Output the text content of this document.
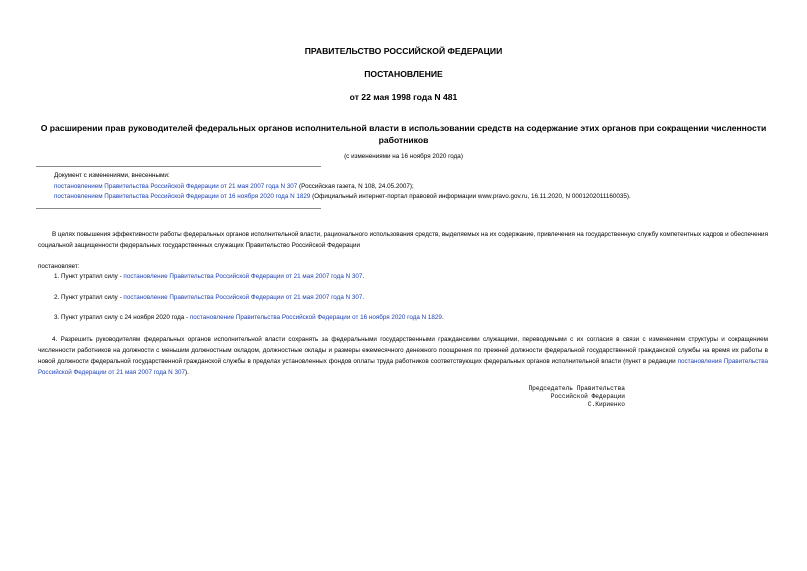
ПРАВИТЕЛЬСТВО РОССИЙСКОЙ ФЕДЕРАЦИИ
ПОСТАНОВЛЕНИЕ
от 22 мая 1998 года N 481
О расширении прав руководителей федеральных органов исполнительной власти в использовании средств на содержание этих органов при сокращении численности работников
(с изменениями на 16 ноября 2020 года)
Документ с изменениями, внесенными:
постановлением Правительства Российской Федерации от 21 мая 2007 года N 307 (Российская газета, N 108, 24.05.2007);
постановлением Правительства Российской Федерации от 16 ноября 2020 года N 1829 (Официальный интернет-портал правовой информации www.pravo.gov.ru, 16.11.2020, N 0001202011160035).
В целях повышения эффективности работы федеральных органов исполнительной власти, рационального использования средств, выделяемых на их содержание, привлечения на государственную службу компетентных кадров и обеспечения социальной защищенности федеральных государственных служащих Правительство Российской Федерации
постановляет:
1. Пункт утратил силу - постановление Правительства Российской Федерации от 21 мая 2007 года N 307.
2. Пункт утратил силу - постановление Правительства Российской Федерации от 21 мая 2007 года N 307.
3. Пункт утратил силу с 24 ноября 2020 года - постановление Правительства Российской Федерации от 16 ноября 2020 года N 1829.
4. Разрешить руководителям федеральных органов исполнительной власти сохранять за федеральными государственными гражданскими служащими, переводимыми с их согласия в связи с изменением структуры и сокращением численности работников на должности с меньшим должностным окладом, должностные оклады и размеры ежемесячного денежного поощрения по прежней должности федеральной государственной гражданской службы на время их работы в новой должности федеральной государственной гражданской службы в пределах установленных фондов оплаты труда работников соответствующих федеральных органов исполнительной власти (пункт в редакции постановления Правительства Российской Федерации от 21 мая 2007 года N 307).
Председатель Правительства
Российской Федерации
С.Кириенко
